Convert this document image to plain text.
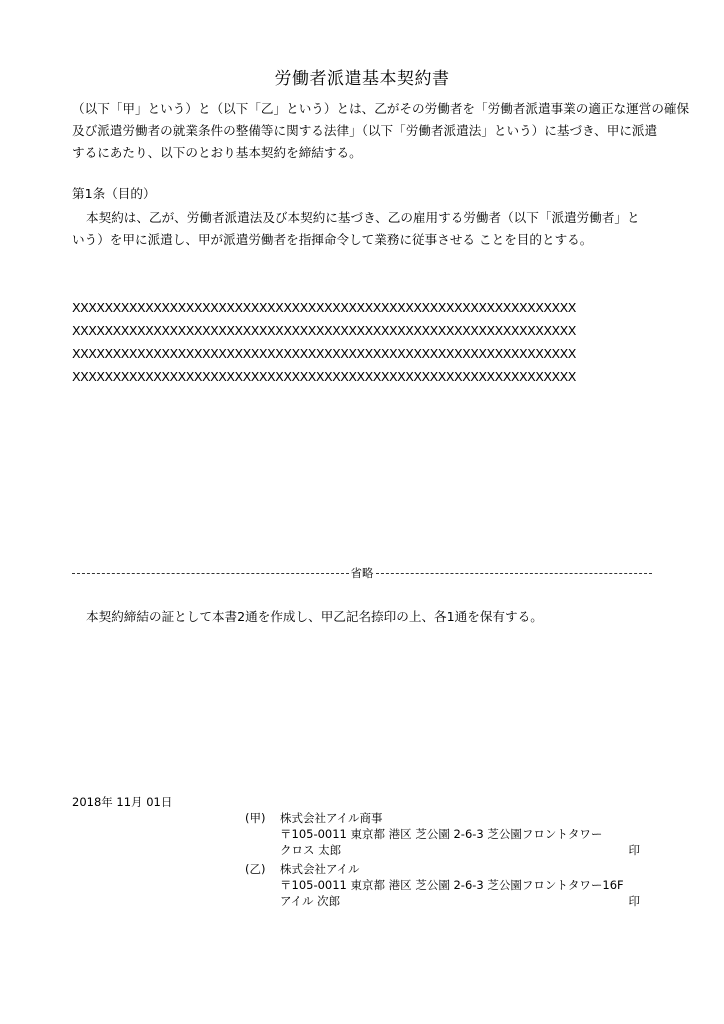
労働者派遣基本契約書

（以下「甲」という）と（以下「乙」という）とは、乙がその労働者を「労働者派遣事業の適正な運営の確保

及び派遣労働者の就業条件の整備等に関する法律」（以下「労働者派遣法」という）に基づき、甲に派遣

するにあたり、以下のとおり基本契約を締結する。

第1条（目的）

本契約は、乙が、労働者派遣法及び本契約に基づき、乙の雇用する労働者（以下「派遣労働者」と

いう）を甲に派遣し、甲が派遣労働者を指揮命令して業務に従事させる ことを目的とする。

XXXXXXXXXXXXXXXXXXXXXXXXXXXXXXXXXXXXXXXXXXXXXXXXXXXXXXXXXXXXXX

XXXXXXXXXXXXXXXXXXXXXXXXXXXXXXXXXXXXXXXXXXXXXXXXXXXXXXXXXXXXXX

XXXXXXXXXXXXXXXXXXXXXXXXXXXXXXXXXXXXXXXXXXXXXXXXXXXXXXXXXXXXXX

XXXXXXXXXXXXXXXXXXXXXXXXXXXXXXXXXXXXXXXXXXXXXXXXXXXXXXXXXXXXXX

省略
本契約締結の証として本書2通を作成し、甲乙記名捺印の上、各1通を保有する。
2018年 11月 01日
(甲) 株式会社アイル商事
〒105-0011 東京都 港区 芝公園 2-6-3 芝公園フロントタワー
クロス 太郎	印
(乙) 株式会社アイル
〒105-0011 東京都 港区 芝公園 2-6-3 芝公園フロントタワー16F
アイル 次郎	印
